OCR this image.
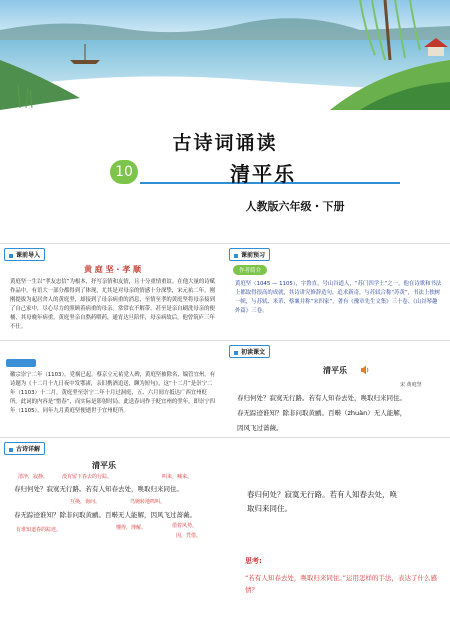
古诗词诵读
10	清平乐
人教版六年级・下册
课前导入
黄 庭 坚 · 孝 顺
黄庭坚一生以“孝友忠信”为根本，抒写亲情和友情，且十分重情重谊。在他大量的诗赋作品中，有语大一部分都得到了体现，尤其是对母亲的情感十分深挚，宋元祐二年，刚刚提拔为起居舍人的黄庭坚，却接到了母亲病重的消息，至情至孝的黄庭坚将母亲接到了自己家中，尽心尽力的照顾着病重的母亲。常常衣不解带，甚至是亲自刷洗母亲的便桶，其母晚年病重，黄庭坚亲自熬药喂药，通宵达旦陪伴，母亲病故后，他曾筑庐三年不仕。
课前预习
作者简介
黄庭坚（1045 — 1105），字鲁直，号山谷道人，“苏门四学士”之一。他在诗歌和书法上都取得很高的成就，其诗讲究修辞造句，追求新奇，与苏轼合称“苏黄”，书法上独树一帜，与苏轼、米芾、蔡襄并称“宋四家”，著有《豫章先生文集》三十卷、《山谷琴趣外篇》三卷。
徽宗崇宁二年（1103），党祸已起。蔡京立元祐党人碑，黄庭坚被除名，编管宜州。有诗题为《十二月十九日夜中发鄂渚，亲旧携酒追送，聊为短句》，这“十二月”是崇宁二年（1103）十二月，黄庭坚至崇宁二年十月过洞庭，五、六月间方抵达广西宜州贬所。此词的内容是“惜春”，而实际是影射时局。此送春词作于贬宜州的翌年，即崇宁四年（1105），同年九月黄庭坚便逝世于宜州贬所。
初读课文
清平乐
宋 黄庭坚
春归何处？寂寞无行路。若有人知春去处，唤取归来同住。
春无踪迹谁知？除非问取黄鹂。百啭（zhuàn）无人能解，
因风飞过蔷薇。
古诗详解
清平乐
清净，寂静。	没有留下春去的行踪。	叫来，喊来。
春归何处？寂寞无行路。若有人知春去处，唤取归来同住。
互换，询问。	鸟婉转地鸣叫。
春无踪迹谁知？除非问取黄鹂。百啭无人能解，因风飞过蔷薇。
有谁知道春的踪迹。	懂得，理解。	借着风势。
因，凭借。
春归何处？寂寞无行路。若有人知春去处，唤
取归来同住。
思考:
“若有人知春去处，唤取归来同住。”运用怎样的手法，表达了什么感情？
